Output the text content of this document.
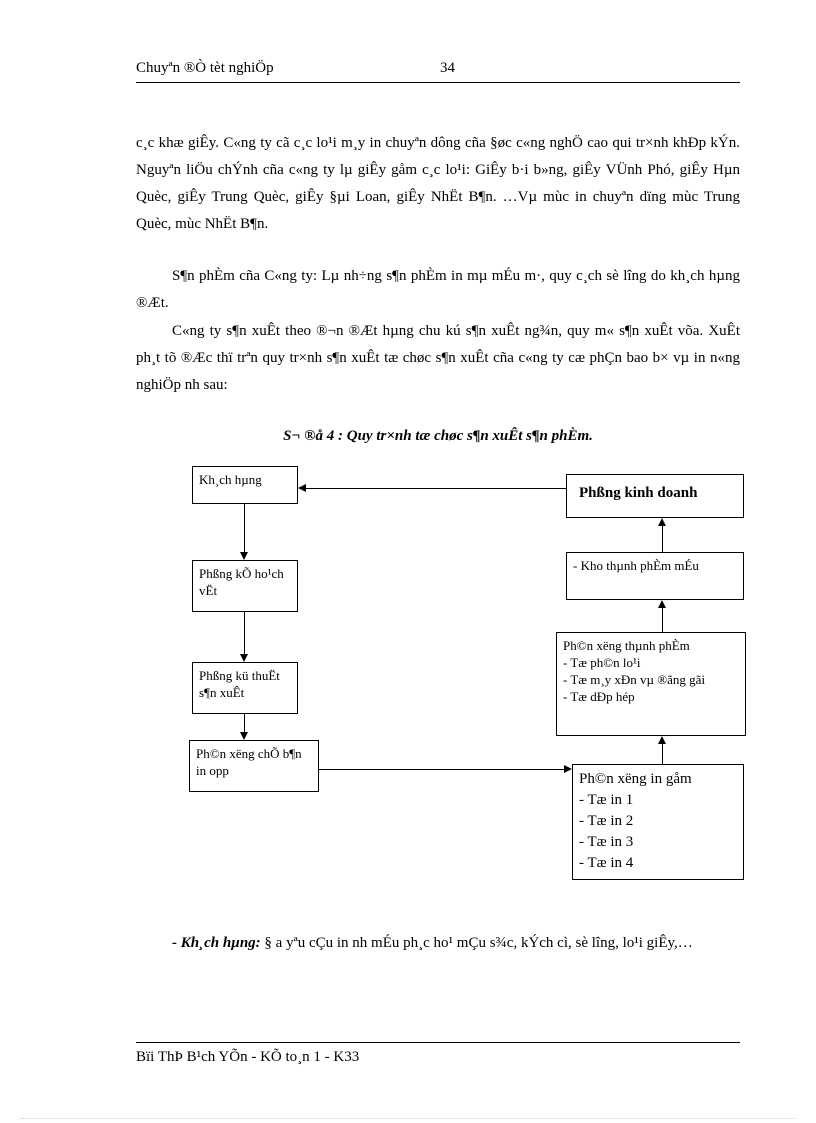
Chuyªn ®Ò tèt nghiÖp	34

c¸c khæ giÊy. C«ng ty cã c¸c lo¹i m¸y in chuyªn dông cña §øc c«ng nghÖ cao qui tr×nh khÐp kÝn. Nguyªn liÖu chÝnh cña c«ng ty lµ giÊy gåm c¸c lo¹i: GiÊy b·i b»ng, giÊy VÜnh Phó, giÊy Hµn Quèc, giÊy Trung Quèc, giÊy §µi Loan, giÊy NhËt B¶n. …Vµ mùc in chuyªn dïng mùc Trung Quèc, mùc NhËt B¶n.

S¶n phÈm cña C«ng ty: Lµ nh÷ng s¶n phÈm in mµ mÉu m·, quy c¸ch sè lîng do kh¸ch hµng ®Æt.

C«ng ty s¶n xuÊt theo ®¬n ®Æt hµng chu kú s¶n xuÊt ng¾n, quy m« s¶n xuÊt võa. XuÊt ph¸t tõ ®Æc thï trªn quy tr×nh s¶n xuÊt tæ chøc s¶n xuÊt cña c«ng ty cæ phÇn bao b× vµ in n«ng nghiÖp nh sau:

S¬ ®å 4 : Quy tr×nh tæ chøc s¶n xuÊt s¶n phÈm.
Kh¸ch hµng
Phßng kÕ ho¹ch vËt
Phßng kü thuËt s¶n xuÊt
Ph©n xëng chÕ b¶n in opp
Phßng kinh doanh
- Kho thµnh phÈm mÉu
Ph©n xëng thµnh phÈm
- Tæ ph©n lo¹i
- Tæ m¸y xÐn vµ ®ãng gãi
- Tæ dÐp hép
Ph©n xëng in gåm
- Tæ in 1
- Tæ in 2
- Tæ in 3
- Tæ in 4

- Kh¸ch hµng: § a yªu cÇu in nh mÉu ph¸c ho¹ mÇu s¾c, kÝch cì, sè lîng, lo¹i giÊy,…

Bïi ThÞ B¹ch YÕn - KÕ to¸n 1 - K33
